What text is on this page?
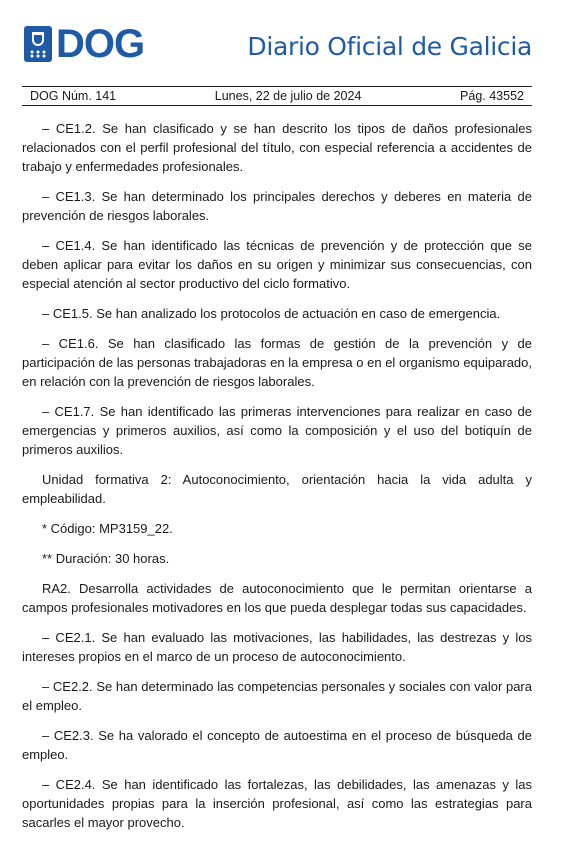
DOG	Diario Oficial de Galicia
DOG Núm. 141	Lunes, 22 de julio de 2024	Pág. 43552

– CE1.2. Se han clasificado y se han descrito los tipos de daños profesionales relacionados con el perfil profesional del título, con especial referencia a accidentes de trabajo y enfermedades profesionales.

– CE1.3. Se han determinado los principales derechos y deberes en materia de prevención de riesgos laborales.

– CE1.4. Se han identificado las técnicas de prevención y de protección que se deben aplicar para evitar los daños en su origen y minimizar sus consecuencias, con especial atención al sector productivo del ciclo formativo.

– CE1.5. Se han analizado los protocolos de actuación en caso de emergencia.

– CE1.6. Se han clasificado las formas de gestión de la prevención y de participación de las personas trabajadoras en la empresa o en el organismo equiparado, en relación con la prevención de riesgos laborales.

– CE1.7. Se han identificado las primeras intervenciones para realizar en caso de emergencias y primeros auxilios, así como la composición y el uso del botiquín de primeros auxilios.

Unidad formativa 2: Autoconocimiento, orientación hacia la vida adulta y empleabilidad.

* Código: MP3159_22.

** Duración: 30 horas.

RA2. Desarrolla actividades de autoconocimiento que le permitan orientarse a campos profesionales motivadores en los que pueda desplegar todas sus capacidades.

– CE2.1. Se han evaluado las motivaciones, las habilidades, las destrezas y los intereses propios en el marco de un proceso de autoconocimiento.

– CE2.2. Se han determinado las competencias personales y sociales con valor para el empleo.

– CE2.3. Se ha valorado el concepto de autoestima en el proceso de búsqueda de empleo.

– CE2.4. Se han identificado las fortalezas, las debilidades, las amenazas y las oportunidades propias para la inserción profesional, así como las estrategias para sacarles el mayor provecho.
